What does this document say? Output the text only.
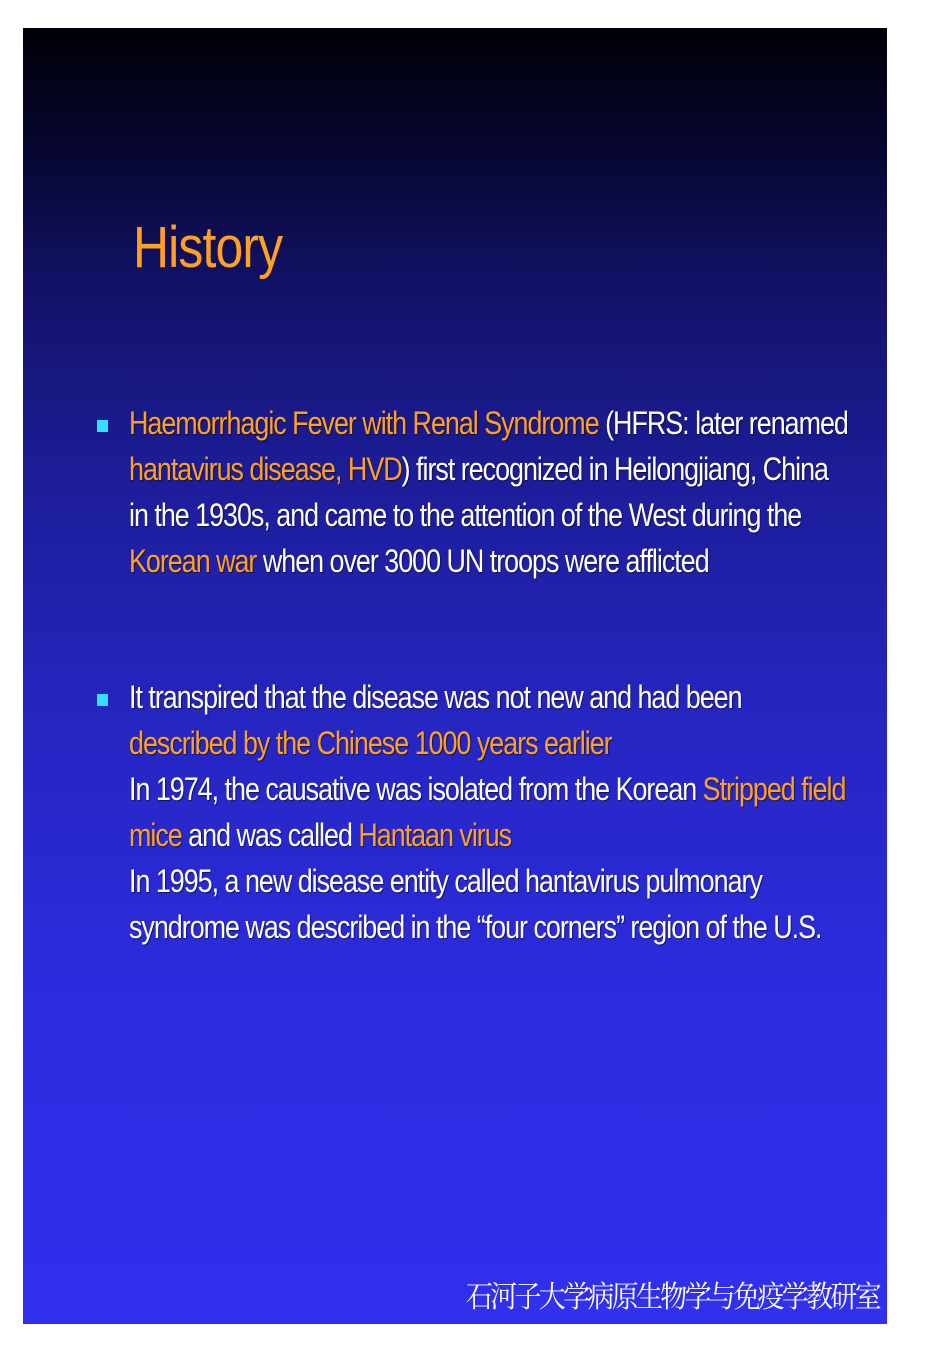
History
Haemorrhagic Fever with Renal Syndrome (HFRS: later renamed
hantavirus disease, HVD) first recognized in Heilongjiang, China
in the 1930s, and came to the attention of the West during the
Korean war when over 3000 UN troops were afflicted
It transpired that the disease was not new and had been
described by the Chinese 1000 years earlier
In 1974, the causative was isolated from the Korean Stripped field
mice and was called Hantaan virus
In 1995, a new disease entity called hantavirus pulmonary
syndrome was described in the “four corners” region of the U.S.
石河子大学病原生物学与免疫学教研室
